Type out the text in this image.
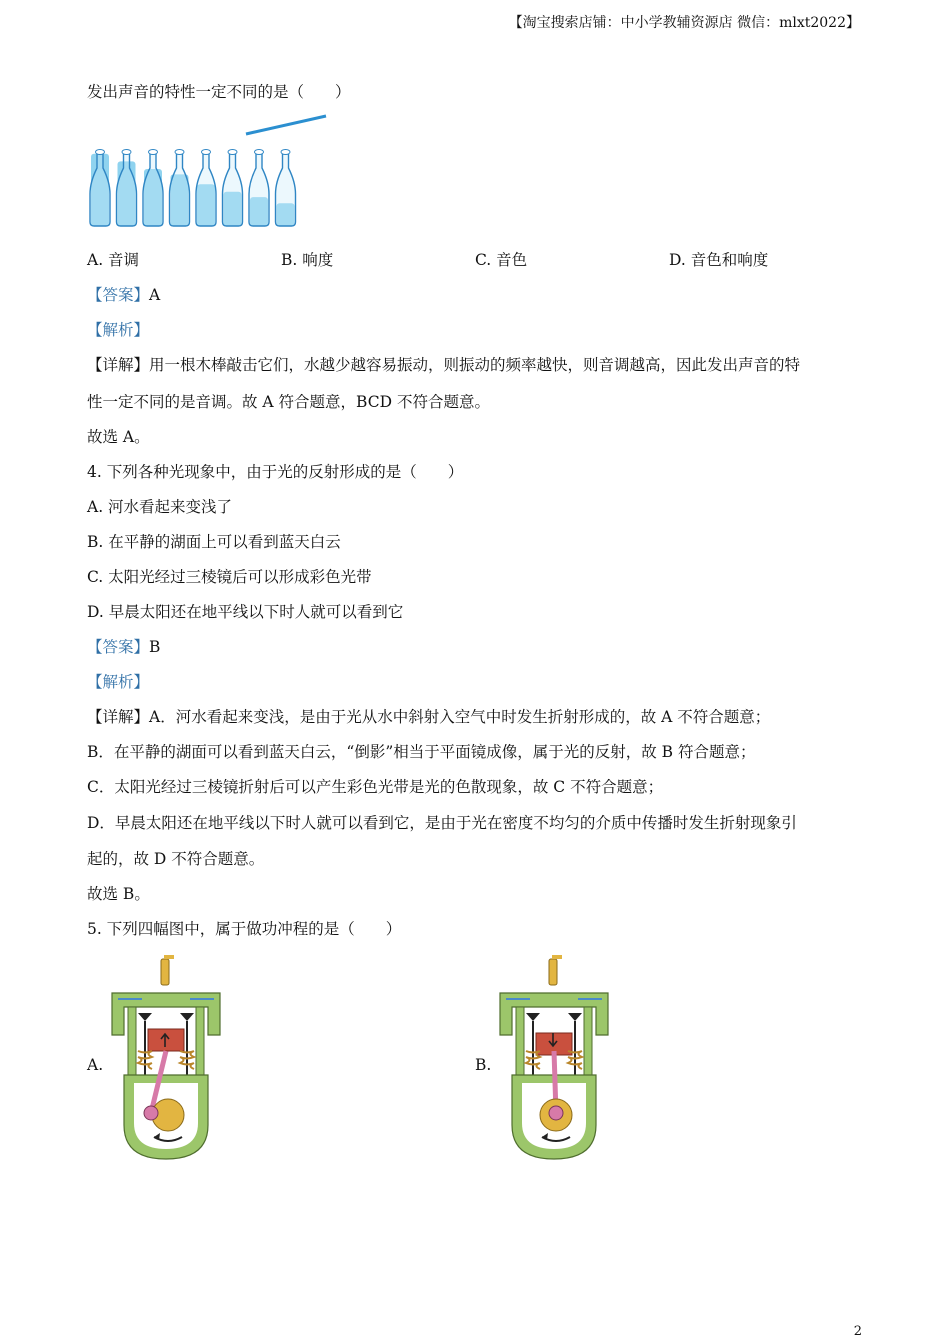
【淘宝搜索店铺：中小学教辅资源店 微信：mlxt2022】
发出声音的特性一定不同的是（　　）
A. 音调	B. 响度	C. 音色	D. 音色和响度
【答案】A
【解析】
【详解】用一根木棒敲击它们，水越少越容易振动，则振动的频率越快，则音调越高，因此发出声音的特
性一定不同的是音调。故 A 符合题意，BCD 不符合题意。
故选 A。
4. 下列各种光现象中，由于光的反射形成的是（　　）
A. 河水看起来变浅了
B. 在平静的湖面上可以看到蓝天白云
C. 太阳光经过三棱镜后可以形成彩色光带
D. 早晨太阳还在地平线以下时人就可以看到它
【答案】B
【解析】
【详解】A．河水看起来变浅，是由于光从水中斜射入空气中时发生折射形成的，故 A 不符合题意；
B．在平静的湖面可以看到蓝天白云，“倒影”相当于平面镜成像，属于光的反射，故 B 符合题意；
C．太阳光经过三棱镜折射后可以产生彩色光带是光的色散现象，故 C 不符合题意；
D．早晨太阳还在地平线以下时人就可以看到它，是由于光在密度不均匀的介质中传播时发生折射现象引
起的，故 D 不符合题意。
故选 B。
5. 下列四幅图中，属于做功冲程的是（　　）
A.	B.
2
